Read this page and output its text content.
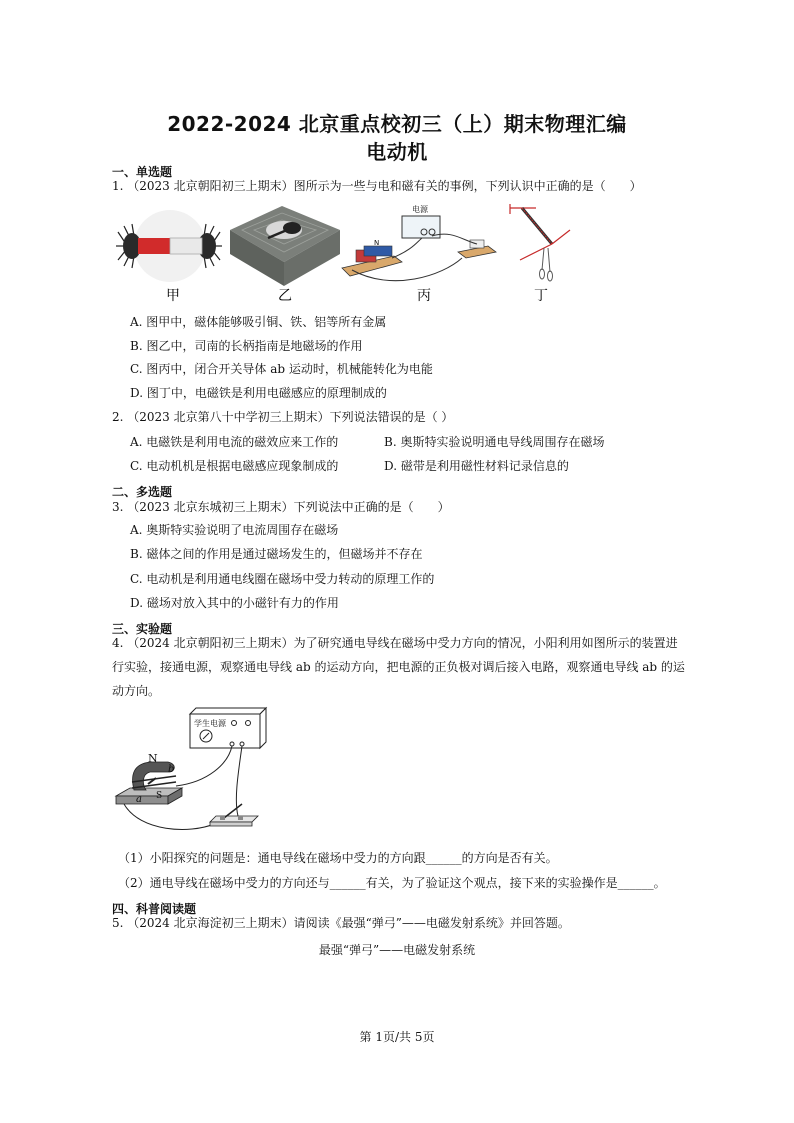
2022-2024 北京重点校初三（上）期末物理汇编
电动机
一、单选题
1. （2023 北京朝阳初三上期末）图所示为一些与电和磁有关的事例，下列认识中正确的是（　　）
电源
N
甲	乙	丙	丁
A. 图甲中，磁体能够吸引铜、铁、铝等所有金属
B. 图乙中，司南的长柄指南是地磁场的作用
C. 图丙中，闭合开关导体 ab 运动时，机械能转化为电能
D. 图丁中，电磁铁是利用电磁感应的原理制成的
2. （2023 北京第八十中学初三上期末）下列说法错误的是（ ）
A. 电磁铁是利用电流的磁效应来工作的	B. 奥斯特实验说明通电导线周围存在磁场
C. 电动机机是根据电磁感应现象制成的	D. 磁带是利用磁性材料记录信息的
二、多选题
3. （2023 北京东城初三上期末）下列说法中正确的是（　　）
A. 奥斯特实验说明了电流周围存在磁场
B. 磁体之间的作用是通过磁场发生的，但磁场并不存在
C. 电动机是利用通电线圈在磁场中受力转动的原理工作的
D. 磁场对放入其中的小磁针有力的作用
三、实验题
4. （2024 北京朝阳初三上期末）为了研究通电导线在磁场中受力方向的情况，小阳利用如图所示的装置进
行实验，接通电源，观察通电导线 ab 的运动方向，把电源的正负极对调后接入电路，观察通电导线 ab 的运
动方向。
学生电源
N
b
a S
（1）小阳探究的问题是：通电导线在磁场中受力的方向跟______的方向是否有关。
（2）通电导线在磁场中受力的方向还与______有关，为了验证这个观点，接下来的实验操作是______。
四、科普阅读题
5. （2024 北京海淀初三上期末）请阅读《最强“弹弓”——电磁发射系统》并回答题。
最强“弹弓”——电磁发射系统
第 1页/共 5页
